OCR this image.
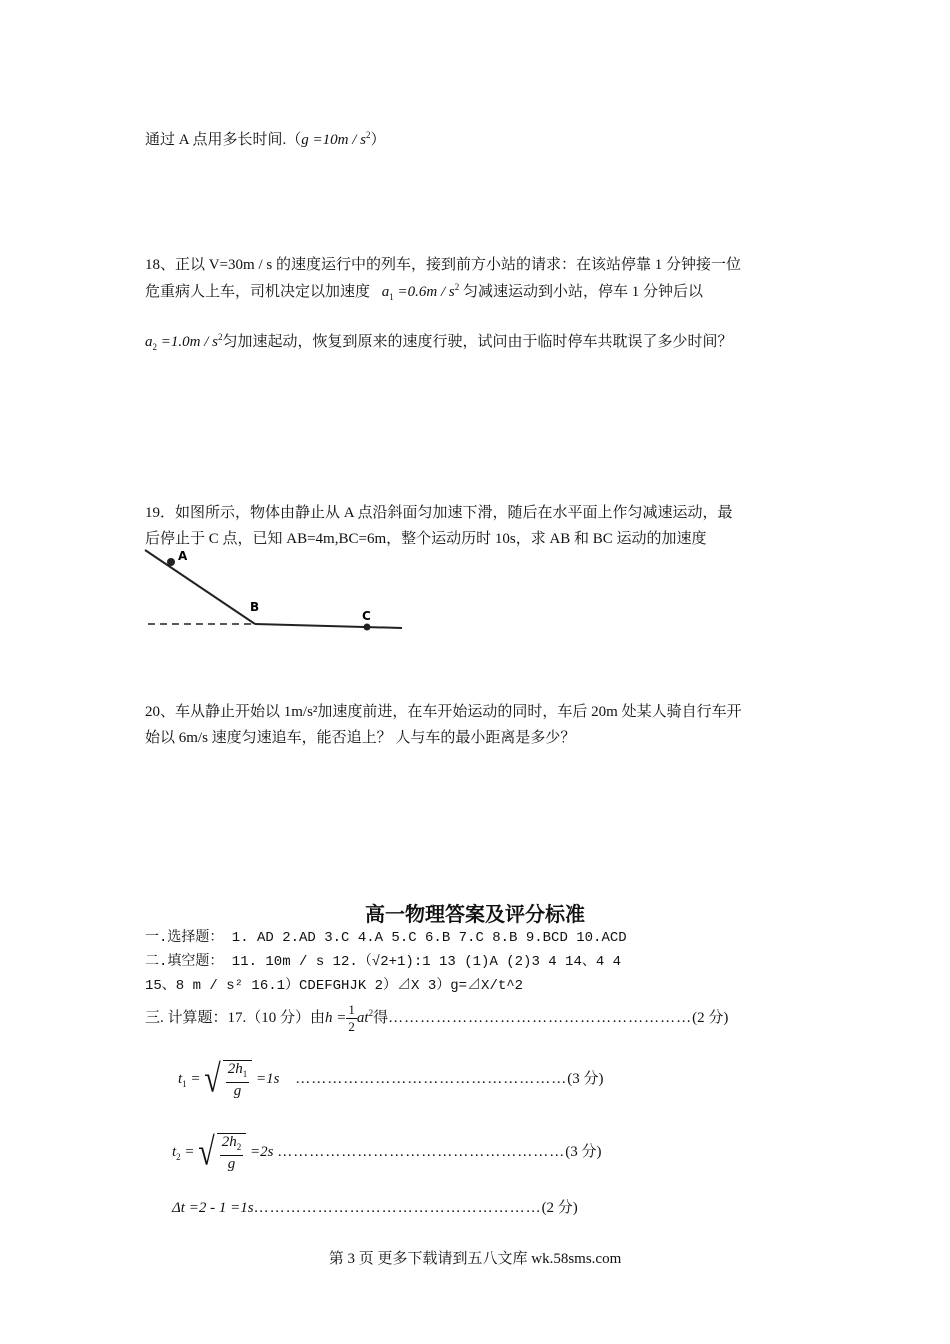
通过 A 点用多长时间$.(g =10m / s^2)$
18、正以 V=30m / s 的速度运行中的列车，接到前方小站的请求：在该站停靠 1 分钟接一位
危重病人上车，司机决定以加速度 $a_1 =0.6m / s^2$ 匀减速运动到小站，停车 1 分钟后以
$a_2 =1.0m / s^2$匀加速起动，恢复到原来的速度行驶，试问由于临时停车共耽误了多少时间？
19．如图所示，物体由静止从 A 点沿斜面匀加速下滑，随后在水平面上作匀减速运动，最
后停止于 C 点，已知 AB=4m,BC=6m，整个运动历时 10s，求 AB 和 BC 运动的加速度
A
B
C
20、车从静止开始以 1m/s²加速度前进，在车开始运动的同时，车后 20m 处某人骑自行车开
始以 6m/s 速度匀速追车，能否追上？ 人与车的最小距离是多少？
高一物理答案及评分标准
一.选择题： 1. AD 2.AD 3.C 4.A 5.C 6.B 7.C 8.B 9.BCD 10.ACD
二.填空题： 11. 10m / s 12.（√2+1):1 13 (1)A (2)3 4 14、4 4
15、8 m / s² 16.1）CDEFGHJK 2）⊿X 3）g=⊿X/t^2
三. 计算题：17.（10 分）由$h = \frac{1}{2} at^2$得…………………………………………………(2 分)
$t_1$ = √ $\frac{2h_1}{g} =1s$ ……………………………………………(3 分)
$t_2$ = √ $\frac{2h_2}{g} =2s$ ………………………………………………(3 分)
Δt =2 - 1 =1s………………………………………………(2 分)
第 3 页 更多下载请到五八文库 wk.58sms.com
